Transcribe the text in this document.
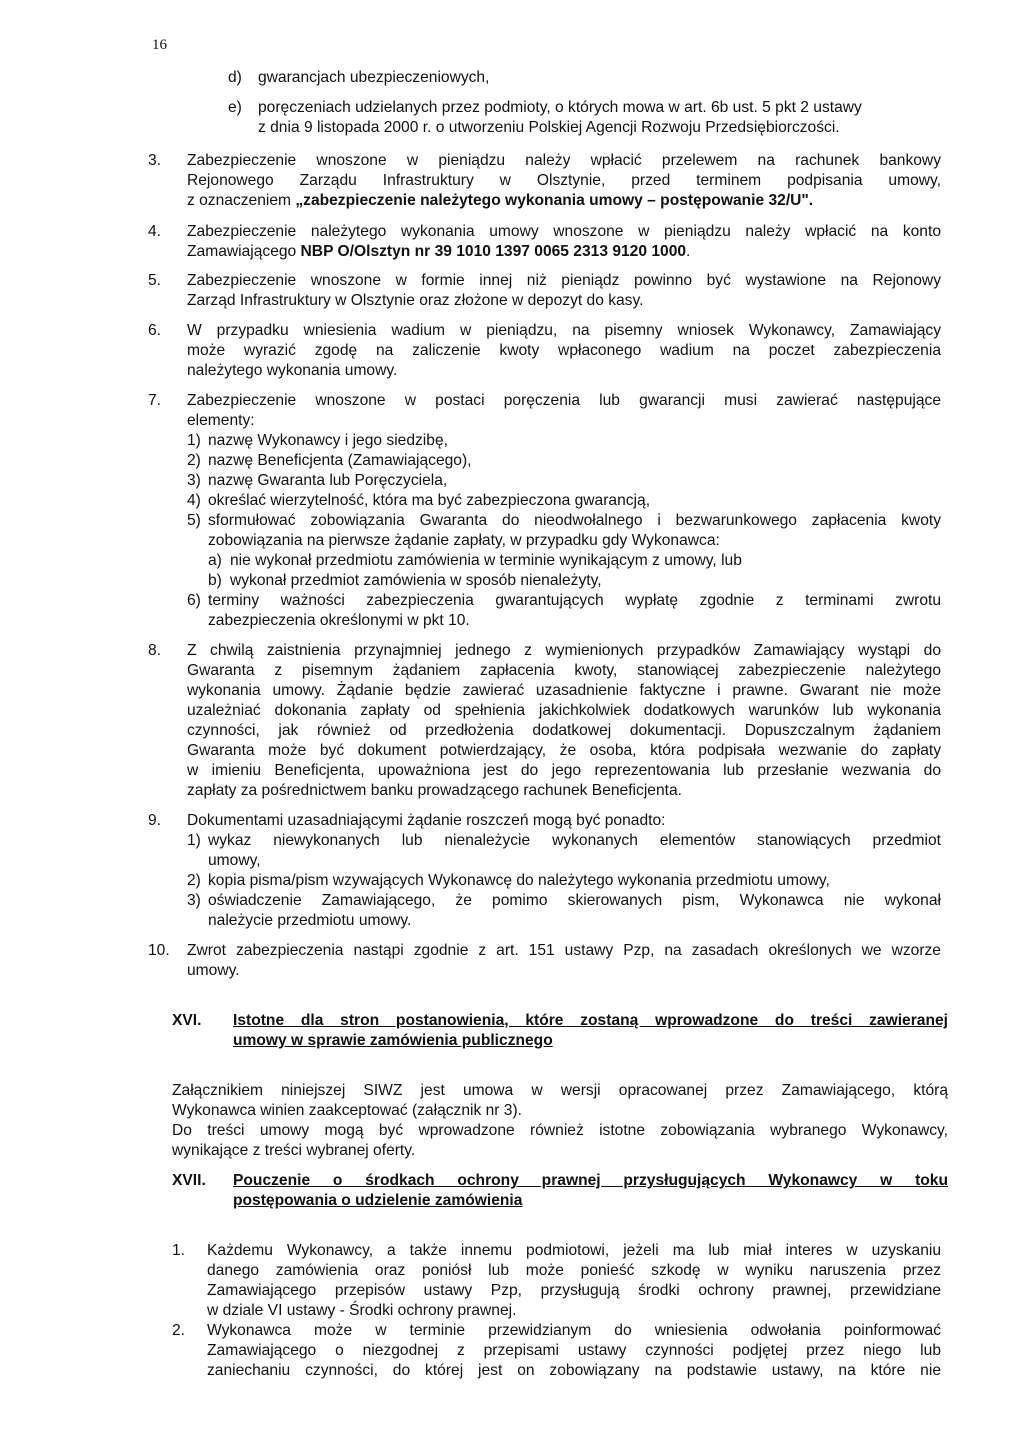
16
d) gwarancjach ubezpieczeniowych,
e) poręczeniach udzielanych przez podmioty, o których mowa w art. 6b ust. 5 pkt 2 ustawy
z dnia 9 listopada 2000 r. o utworzeniu Polskiej Agencji Rozwoju Przedsiębiorczości.
3. Zabezpieczenie wnoszone w pieniądzu należy wpłacić przelewem na rachunek bankowy
Rejonowego Zarządu Infrastruktury w Olsztynie, przed terminem podpisania umowy,
z oznaczeniem „zabezpieczenie należytego wykonania umowy – postępowanie 32/U".
4. Zabezpieczenie należytego wykonania umowy wnoszone w pieniądzu należy wpłacić na konto
Zamawiającego NBP O/Olsztyn nr 39 1010 1397 0065 2313 9120 1000.
5. Zabezpieczenie wnoszone w formie innej niż pieniądz powinno być wystawione na Rejonowy
Zarząd Infrastruktury w Olsztynie oraz złożone w depozyt do kasy.
6. W przypadku wniesienia wadium w pieniądzu, na pisemny wniosek Wykonawcy, Zamawiający
może wyrazić zgodę na zaliczenie kwoty wpłaconego wadium na poczet zabezpieczenia
należytego wykonania umowy.
7. Zabezpieczenie wnoszone w postaci poręczenia lub gwarancji musi zawierać następujące
elementy:
1) nazwę Wykonawcy i jego siedzibę,
2) nazwę Beneficjenta (Zamawiającego),
3) nazwę Gwaranta lub Poręczyciela,
4) określać wierzytelność, która ma być zabezpieczona gwarancją,
5) sformułować zobowiązania Gwaranta do nieodwołalnego i bezwarunkowego zapłacenia kwoty
zobowiązania na pierwsze żądanie zapłaty, w przypadku gdy Wykonawca:
a) nie wykonał przedmiotu zamówienia w terminie wynikającym z umowy, lub
b) wykonał przedmiot zamówienia w sposób nienależyty,
6) terminy ważności zabezpieczenia gwarantujących wypłatę zgodnie z terminami zwrotu
zabezpieczenia określonymi w pkt 10.
8. Z chwilą zaistnienia przynajmniej jednego z wymienionych przypadków Zamawiający wystąpi do
Gwaranta z pisemnym żądaniem zapłacenia kwoty, stanowiącej zabezpieczenie należytego
wykonania umowy. Żądanie będzie zawierać uzasadnienie faktyczne i prawne. Gwarant nie może
uzależniać dokonania zapłaty od spełnienia jakichkolwiek dodatkowych warunków lub wykonania
czynności, jak również od przedłożenia dodatkowej dokumentacji. Dopuszczalnym żądaniem
Gwaranta może być dokument potwierdzający, że osoba, która podpisała wezwanie do zapłaty
w imieniu Beneficjenta, upoważniona jest do jego reprezentowania lub przesłanie wezwania do
zapłaty za pośrednictwem banku prowadzącego rachunek Beneficjenta.
9. Dokumentami uzasadniającymi żądanie roszczeń mogą być ponadto:
1) wykaz niewykonanych lub nienależycie wykonanych elementów stanowiących przedmiot
umowy,
2) kopia pisma/pism wzywających Wykonawcę do należytego wykonania przedmiotu umowy,
3) oświadczenie Zamawiającego, że pomimo skierowanych pism, Wykonawca nie wykonał
należycie przedmiotu umowy.
10. Zwrot zabezpieczenia nastąpi zgodnie z art. 151 ustawy Pzp, na zasadach określonych we wzorze
umowy.
XVI. Istotne dla stron postanowienia, które zostaną wprowadzone do treści zawieranej
umowy w sprawie zamówienia publicznego
Załącznikiem niniejszej SIWZ jest umowa w wersji opracowanej przez Zamawiającego, którą
Wykonawca winien zaakceptować (załącznik nr 3).
Do treści umowy mogą być wprowadzone również istotne zobowiązania wybranego Wykonawcy,
wynikające z treści wybranej oferty.
XVII. Pouczenie o środkach ochrony prawnej przysługujących Wykonawcy w toku
postępowania o udzielenie zamówienia
1. Każdemu Wykonawcy, a także innemu podmiotowi, jeżeli ma lub miał interes w uzyskaniu
danego zamówienia oraz poniósł lub może ponieść szkodę w wyniku naruszenia przez
Zamawiającego przepisów ustawy Pzp, przysługują środki ochrony prawnej, przewidziane
w dziale VI ustawy - Środki ochrony prawnej.
2. Wykonawca może w terminie przewidzianym do wniesienia odwołania poinformować
Zamawiającego o niezgodnej z przepisami ustawy czynności podjętej przez niego lub
zaniechaniu czynności, do której jest on zobowiązany na podstawie ustawy, na które nie
